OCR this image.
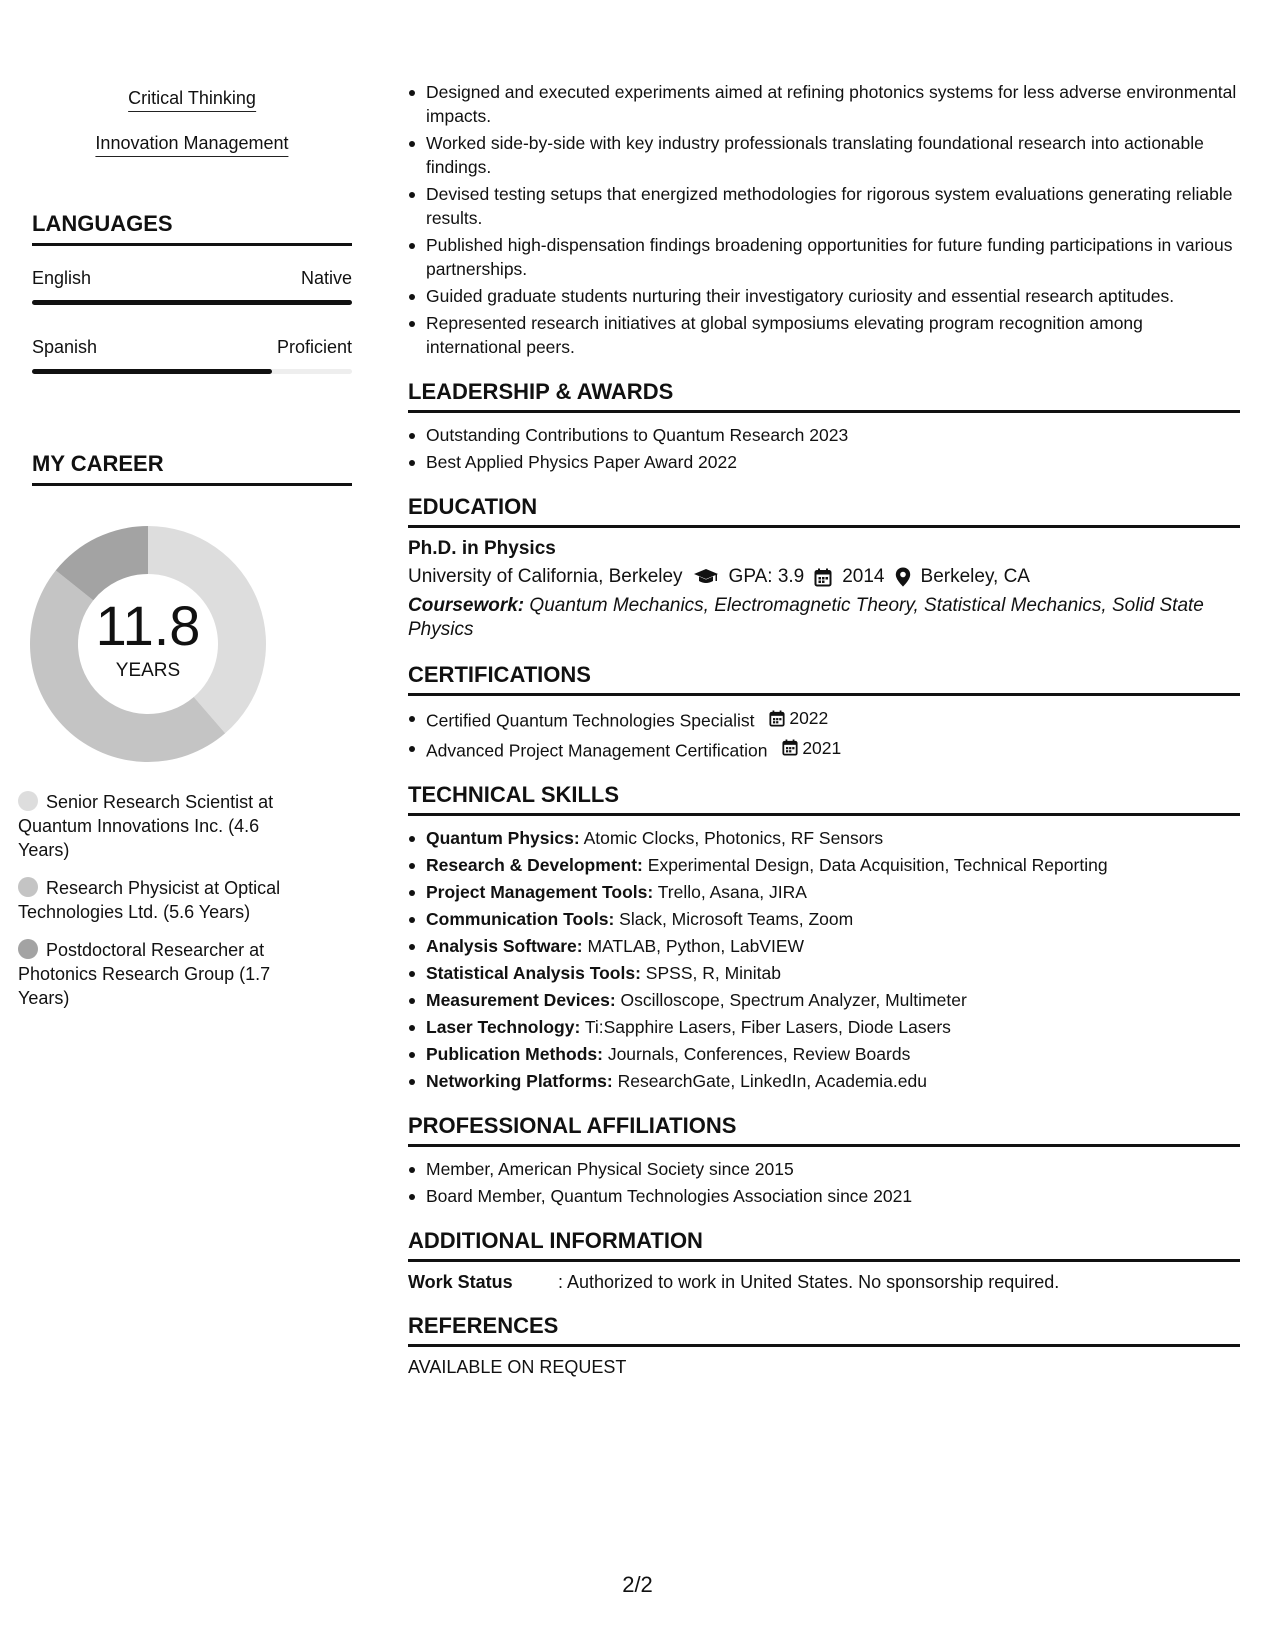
Critical Thinking
Innovation Management
LANGUAGES
English	Native
Spanish	Proficient
MY CAREER
11.8
YEARS
Senior Research Scientist at Quantum Innovations Inc. (4.6 Years)
Research Physicist at Optical Technologies Ltd. (5.6 Years)
Postdoctoral Researcher at Photonics Research Group (1.7 Years)
Designed and executed experiments aimed at refining photonics systems for less adverse environmental impacts.
Worked side-by-side with key industry professionals translating foundational research into actionable findings.
Devised testing setups that energized methodologies for rigorous system evaluations generating reliable results.
Published high-dispensation findings broadening opportunities for future funding participations in various partnerships.
Guided graduate students nurturing their investigatory curiosity and essential research aptitudes.
Represented research initiatives at global symposiums elevating program recognition among international peers.
LEADERSHIP & AWARDS
Outstanding Contributions to Quantum Research 2023
Best Applied Physics Paper Award 2022
EDUCATION
Ph.D. in Physics
University of California, Berkeley GPA: 3.9 2014 Berkeley, CA
Coursework: Quantum Mechanics, Electromagnetic Theory, Statistical Mechanics, Solid State Physics
CERTIFICATIONS
Certified Quantum Technologies Specialist 2022
Advanced Project Management Certification 2021
TECHNICAL SKILLS
Quantum Physics: Atomic Clocks, Photonics, RF Sensors
Research & Development: Experimental Design, Data Acquisition, Technical Reporting
Project Management Tools: Trello, Asana, JIRA
Communication Tools: Slack, Microsoft Teams, Zoom
Analysis Software: MATLAB, Python, LabVIEW
Statistical Analysis Tools: SPSS, R, Minitab
Measurement Devices: Oscilloscope, Spectrum Analyzer, Multimeter
Laser Technology: Ti:Sapphire Lasers, Fiber Lasers, Diode Lasers
Publication Methods: Journals, Conferences, Review Boards
Networking Platforms: ResearchGate, LinkedIn, Academia.edu
PROFESSIONAL AFFILIATIONS
Member, American Physical Society since 2015
Board Member, Quantum Technologies Association since 2021
ADDITIONAL INFORMATION
Work Status	: Authorized to work in United States. No sponsorship required.
REFERENCES
AVAILABLE ON REQUEST
2/2
